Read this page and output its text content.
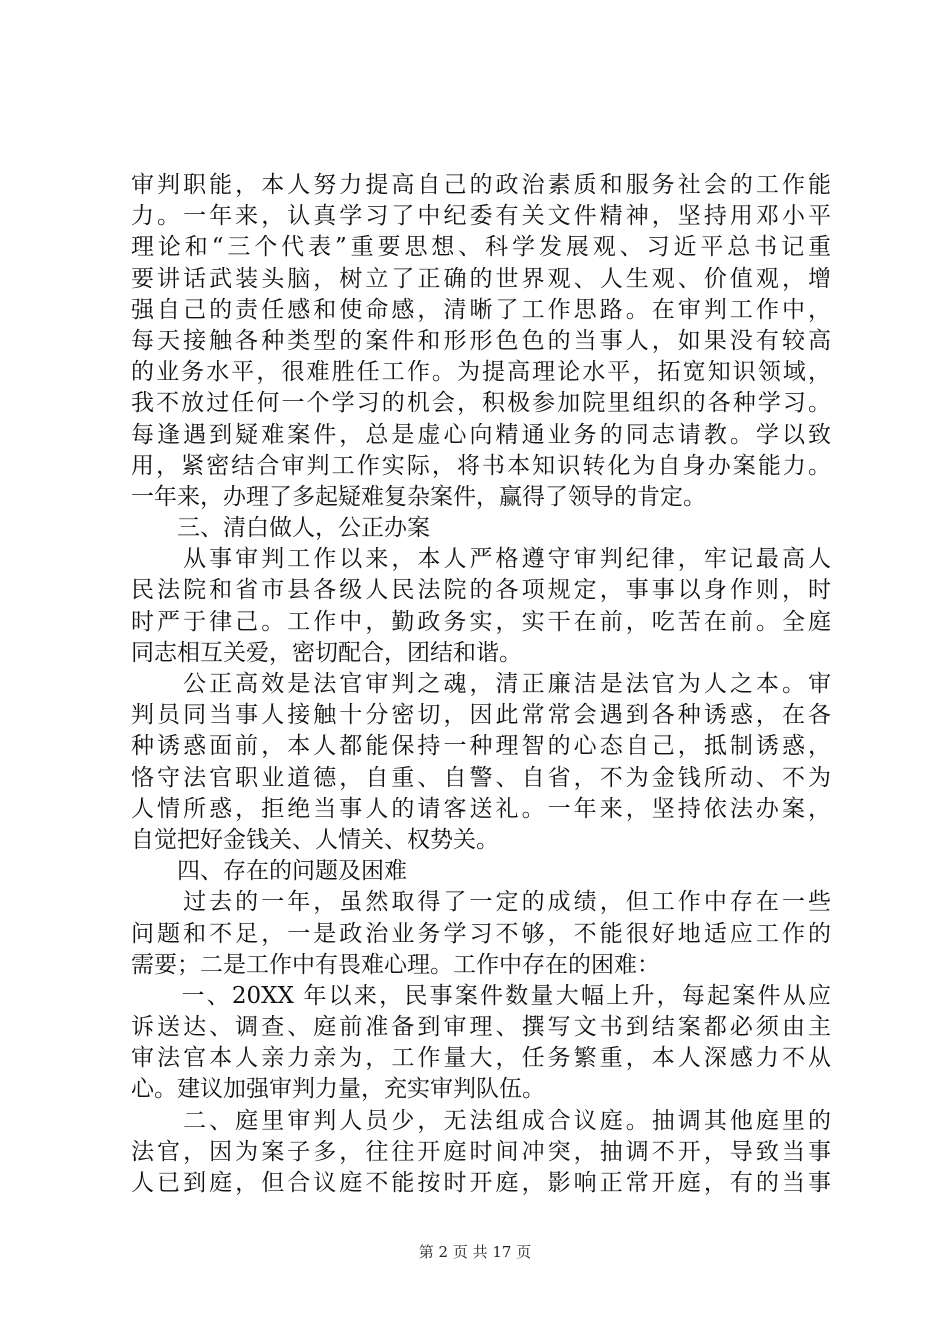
审判职能，本人努力提高自己的政治素质和服务社会的工作能
力。一年来，认真学习了中纪委有关文件精神，坚持用邓小平
理论和“三个代表”重要思想、科学发展观、习近平总书记重
要讲话武装头脑，树立了正确的世界观、人生观、价值观，增
强自己的责任感和使命感，清晰了工作思路。在审判工作中，
每天接触各种类型的案件和形形色色的当事人，如果没有较高
的业务水平，很难胜任工作。为提高理论水平，拓宽知识领域，
我不放过任何一个学习的机会，积极参加院里组织的各种学习。
每逢遇到疑难案件，总是虚心向精通业务的同志请教。学以致
用，紧密结合审判工作实际，将书本知识转化为自身办案能力。
一年来，办理了多起疑难复杂案件，赢得了领导的肯定。
　　三、清白做人，公正办案
　　从事审判工作以来，本人严格遵守审判纪律，牢记最高人
民法院和省市县各级人民法院的各项规定，事事以身作则，时
时严于律己。工作中，勤政务实，实干在前，吃苦在前。全庭
同志相互关爱，密切配合，团结和谐。
　　公正高效是法官审判之魂，清正廉洁是法官为人之本。审
判员同当事人接触十分密切，因此常常会遇到各种诱惑，在各
种诱惑面前，本人都能保持一种理智的心态自己，抵制诱惑，
恪守法官职业道德，自重、自警、自省，不为金钱所动、不为
人情所惑，拒绝当事人的请客送礼。一年来，坚持依法办案，
自觉把好金钱关、人情关、权势关。
　　四、存在的问题及困难
　　过去的一年，虽然取得了一定的成绩，但工作中存在一些
问题和不足，一是政治业务学习不够，不能很好地适应工作的
需要；二是工作中有畏难心理。工作中存在的困难：
　　一、20XX 年以来，民事案件数量大幅上升，每起案件从应
诉送达、调查、庭前准备到审理、撰写文书到结案都必须由主
审法官本人亲力亲为，工作量大，任务繁重，本人深感力不从
心。建议加强审判力量，充实审判队伍。
　　二、庭里审判人员少，无法组成合议庭。抽调其他庭里的
法官，因为案子多，往往开庭时间冲突，抽调不开，导致当事
人已到庭，但合议庭不能按时开庭，影响正常开庭，有的当事
第 2 页 共 17 页
